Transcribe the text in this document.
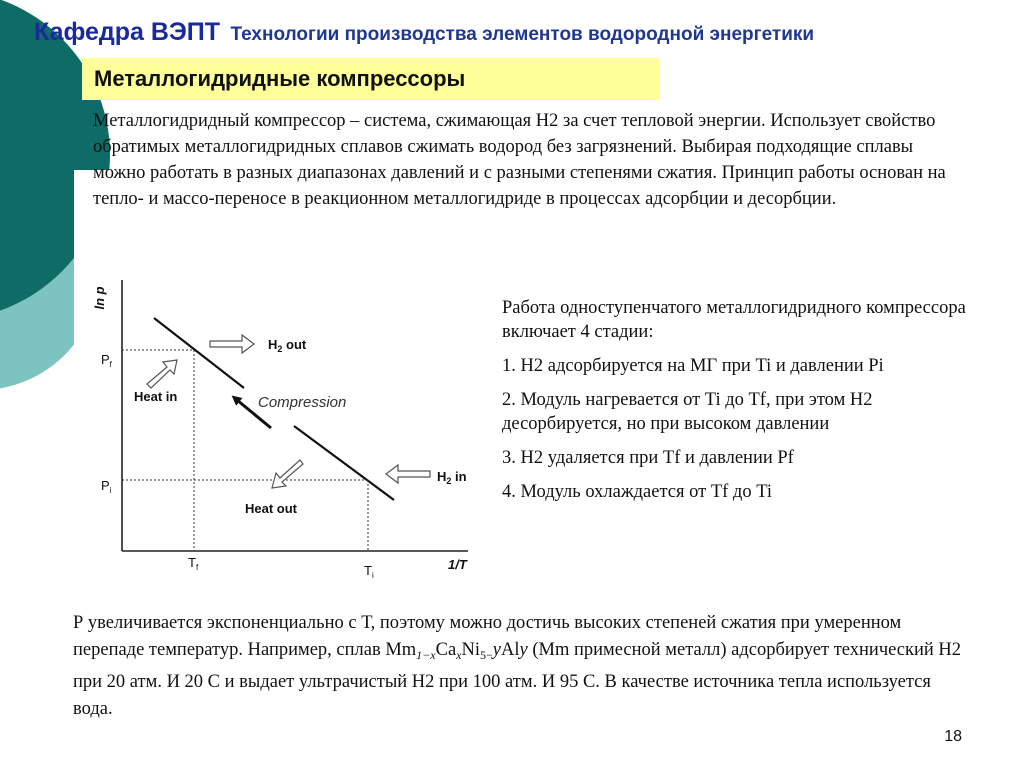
Кафедра ВЭПТ Технологии производства элементов водородной энергетики
Металлогидридные компрессоры

Металлогидридный компрессор – система, сжимающая Н2 за счет тепловой энергии. Использует свойство обратимых металлогидридных сплавов сжимать водород без загрязнений. Выбирая подходящие сплавы можно работать в разных диапазонах давлений и с разными степенями сжатия. Принцип работы основан на тепло- и массо-переносе в реакционном металлогидриде в процессах адсорбции и десорбции.

ln p
1/T
$P_f$
$P_i$
$T_f$	$T_i$
$H_2$ out
$H_2$ in
Heat in
Heat out
Compression

Работа одноступенчатого металлогидридного компрессора включает 4 стадии:

1. Н2 адсорбируется на МГ при Ti и давлении Pi

2. Модуль нагревается от Ti до Tf, при этом Н2 десорбируется, но при высоком давлении

3. Н2 удаляется при Tf и давлении Pf

4. Модуль охлаждается от Tf до Ti

Р увеличивается экспоненциально с Т, поэтому можно достичь высоких степеней сжатия при умеренном перепаде температур. Например, сплав $Mm_{1-x}Ca_xNi_{5-}yAly$ (Mm примесной металл) адсорбирует технический Н2 при 20 атм. И 20 С и выдает ультрачистый Н2 при 100 атм. И 95 С. В качестве источника тепла используется вода.

18
